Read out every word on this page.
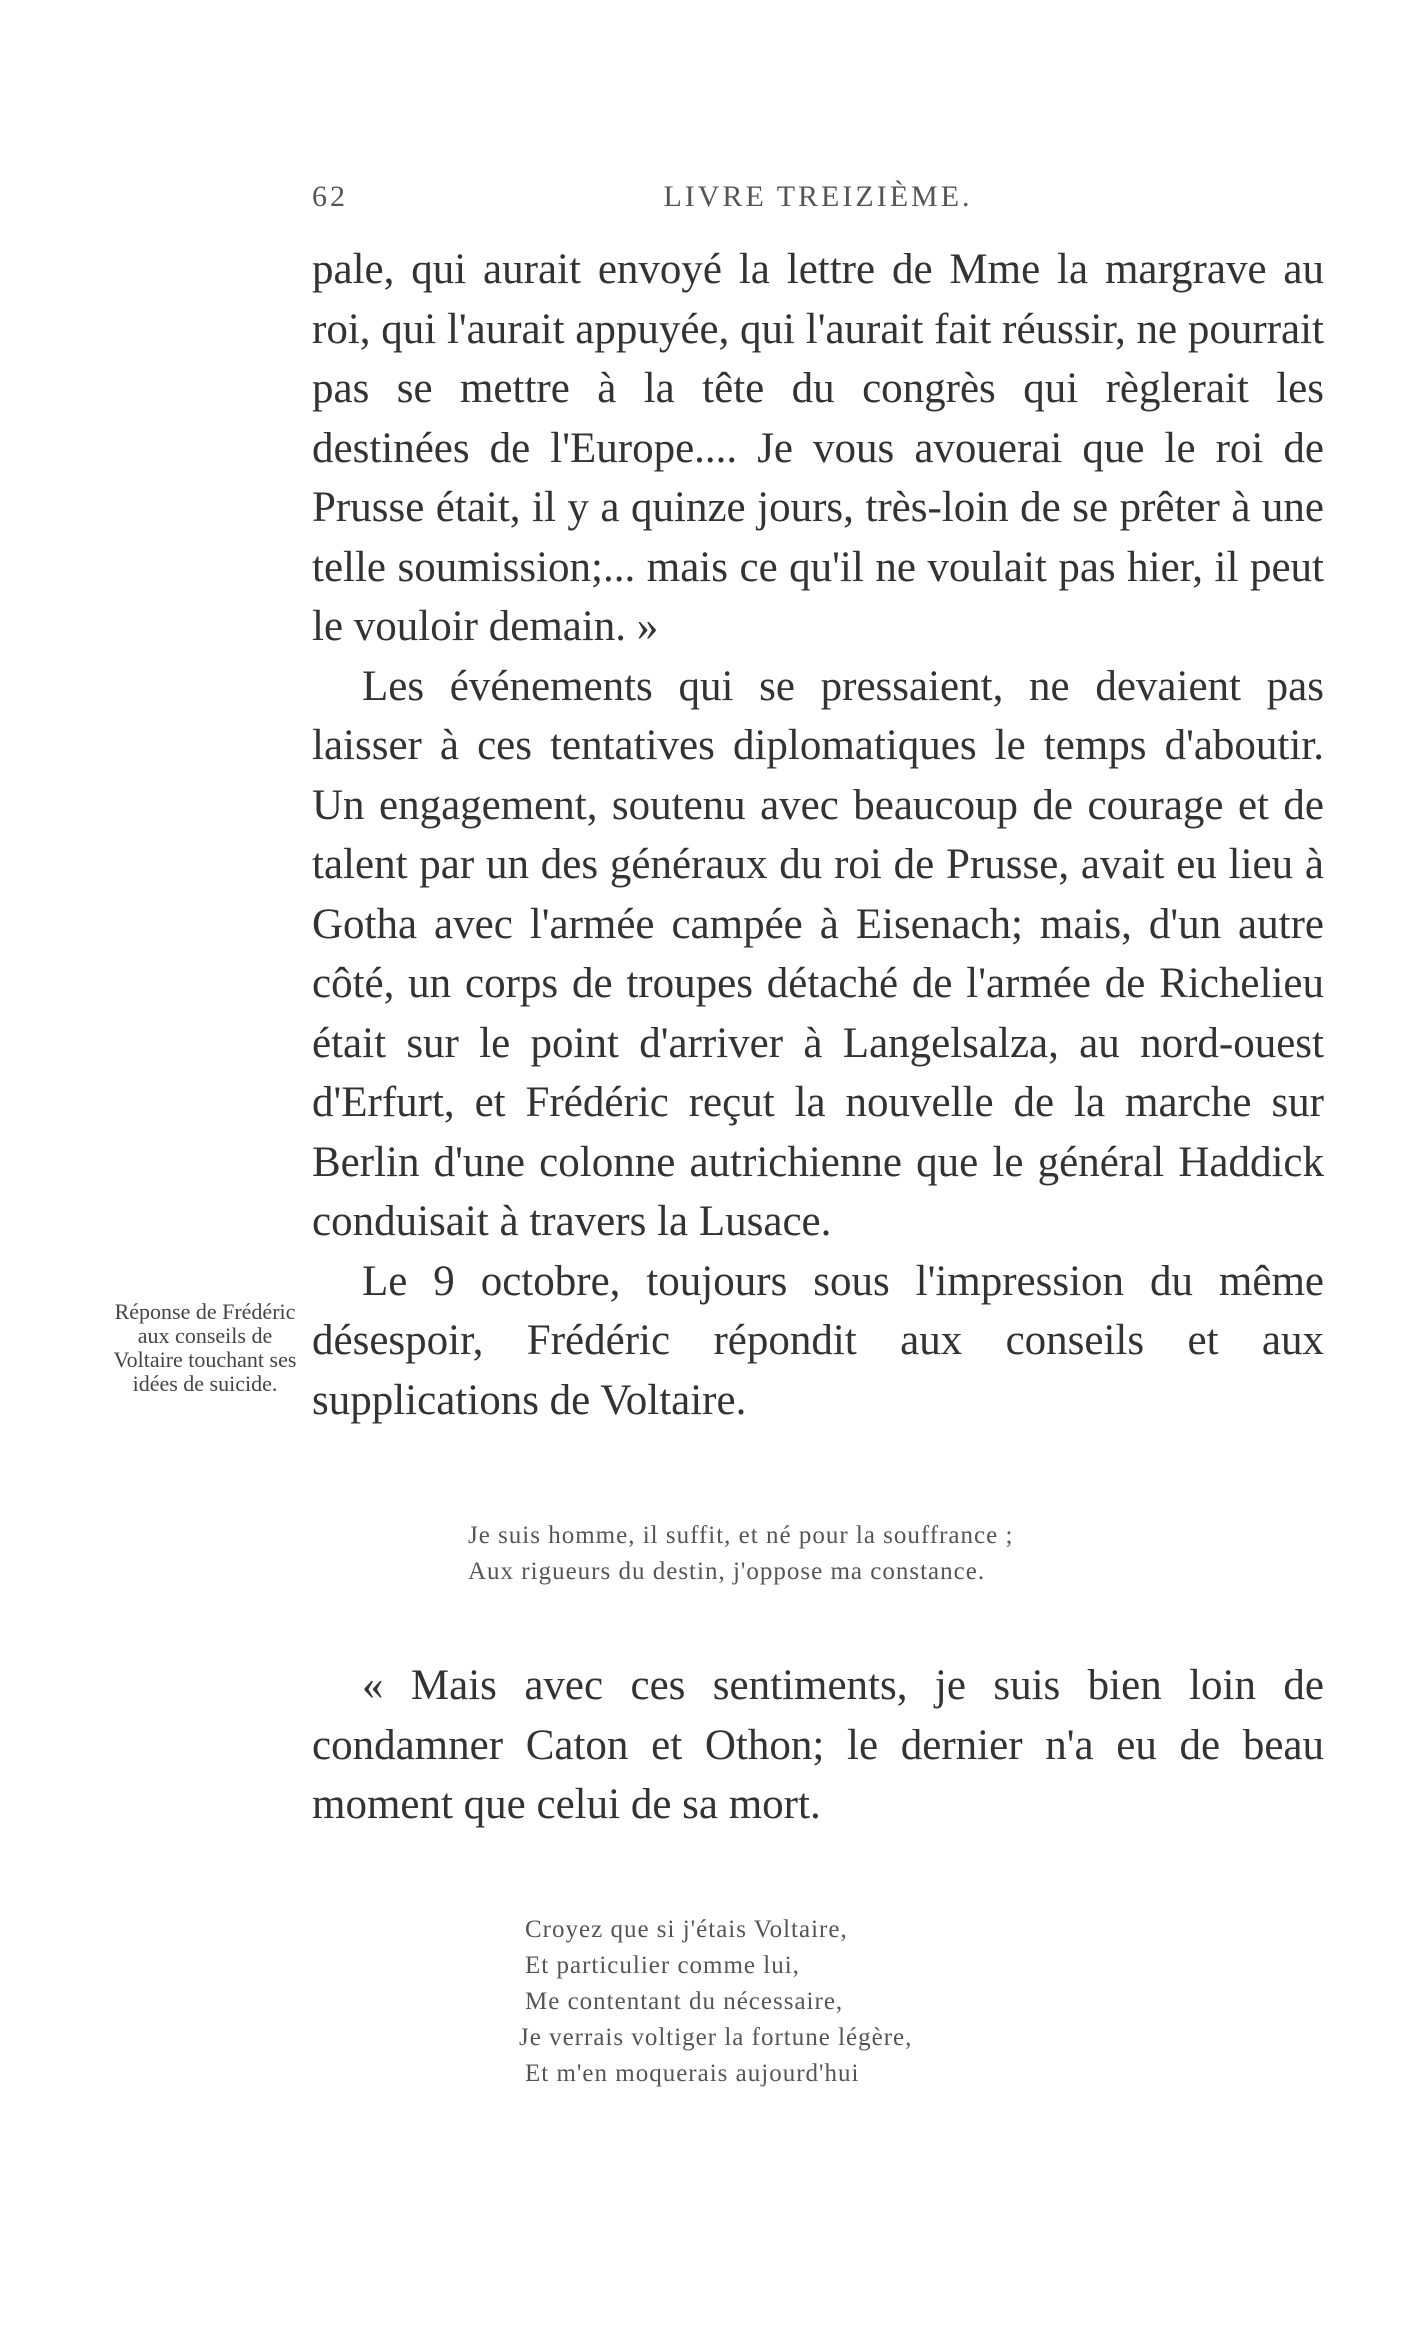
62	LIVRE TREIZIÈME.

pale, qui aurait envoyé la lettre de Mme la margrave au roi, qui l'aurait appuyée, qui l'aurait fait réussir, ne pourrait pas se mettre à la tête du congrès qui règlerait les destinées de l'Europe.... Je vous avouerai que le roi de Prusse était, il y a quinze jours, très-loin de se prêter à une telle soumission;... mais ce qu'il ne voulait pas hier, il peut le vouloir demain. »

Les événements qui se pressaient, ne devaient pas laisser à ces tentatives diplomatiques le temps d'aboutir. Un engagement, soutenu avec beaucoup de courage et de talent par un des généraux du roi de Prusse, avait eu lieu à Gotha avec l'armée campée à Eisenach; mais, d'un autre côté, un corps de troupes détaché de l'armée de Richelieu était sur le point d'arriver à Langelsalza, au nord-ouest d'Erfurt, et Frédéric reçut la nouvelle de la marche sur Berlin d'une colonne autrichienne que le général Haddick conduisait à travers la Lusace.

Le 9 octobre, toujours sous l'impression du même désespoir, Frédéric répondit aux conseils et aux supplications de Voltaire.

Réponse de Frédéric aux conseils de Voltaire touchant ses idées de suicide.
Je suis homme, il suffit, et né pour la souffrance ;
Aux rigueurs du destin, j'oppose ma constance.

« Mais avec ces sentiments, je suis bien loin de condamner Caton et Othon; le dernier n'a eu de beau moment que celui de sa mort.

Croyez que si j'étais Voltaire,
Et particulier comme lui,
Me contentant du nécessaire,
Je verrais voltiger la fortune légère,
Et m'en moquerais aujourd'hui
